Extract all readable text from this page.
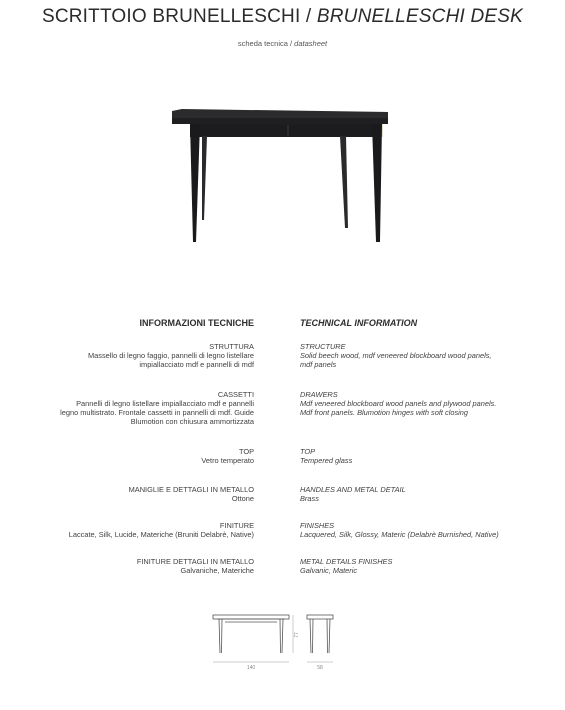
SCRITTOIO BRUNELLESCHI / BRUNELLESCHI DESK
scheda tecnica / datasheet
INFORMAZIONI TECNICHE
STRUTTURA
Massello di legno faggio, pannelli di legno listellare
impiallacciato mdf e pannelli di mdf
CASSETTI
Pannelli di legno listellare impiallacciato mdf e pannelli
legno multistrato. Frontale cassetti in pannelli di mdf. Guide
Blumotion con chiusura ammortizzata
TOP
Vetro temperato
MANIGLIE E DETTAGLI IN METALLO
Ottone
FINITURE
Laccate, Silk, Lucide, Materiche (Bruniti Delabrè, Native)
FINITURE DETTAGLI IN METALLO
Galvaniche, Materiche
TECHNICAL INFORMATION
STRUCTURE
Solid beech wood, mdf veneered blockboard wood panels,
mdf panels
DRAWERS
Mdf veneered blockboard wood panels and plywood panels.
Mdf front panels. Blumotion hinges with soft closing
TOP
Tempered glass
HANDLES AND METAL DETAIL
Brass
FINISHES
Lacquered, Silk, Glossy, Materic (Delabrè Burnished, Native)
METAL DETAILS FINISHES
Galvanic, Materic
140
77
58
